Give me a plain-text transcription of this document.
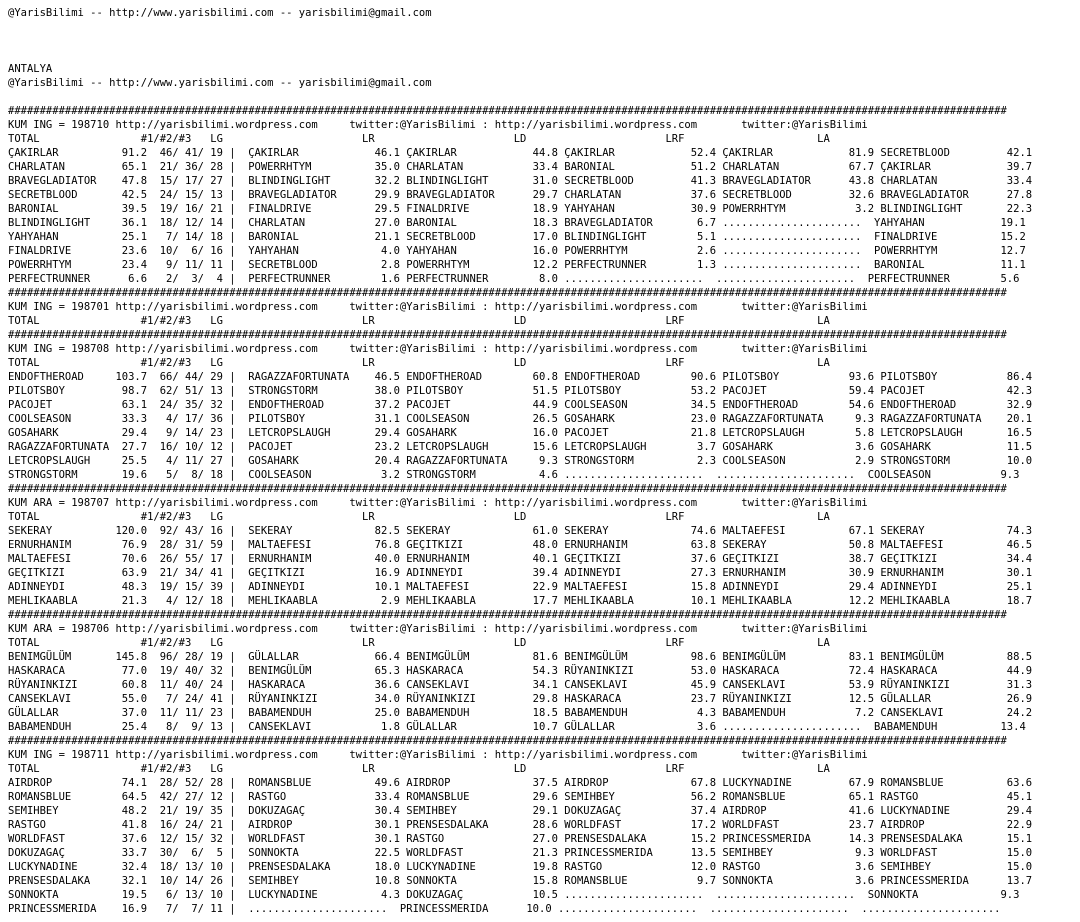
@YarisBilimi -- http://www.yarisbilimi.com -- yarisbilimi@gmail.com
ANTALYA
@YarisBilimi -- http://www.yarisbilimi.com -- yarisbilimi@gmail.com
##############################################################################################################################################################
KUM ING = 198710 http://yarisbilimi.wordpress.com     twitter:@YarisBilimi : http://yarisbilimi.wordpress.com       twitter:@YarisBilimi
TOTAL                #1/#2/#3   LG                      LR                      LD                      LRF                     LA
ÇAKIRLAR          91.2  46/ 41/ 19 |  ÇAKIRLAR            46.1 ÇAKIRLAR            44.8 ÇAKIRLAR            52.4 ÇAKIRLAR            81.9 SECRETBLOOD         42.1
CHARLATAN         65.1  21/ 36/ 28 |  POWERRHTYM          35.0 CHARLATAN           33.4 BARONIAL            51.2 CHARLATAN           67.7 ÇAKIRLAR            39.7
BRAVEGLADIATOR    47.8  15/ 17/ 27 |  BLINDINGLIGHT       32.2 BLINDINGLIGHT       31.0 SECRETBLOOD         41.3 BRAVEGLADIATOR      43.8 CHARLATAN           33.4
SECRETBLOOD       42.5  24/ 15/ 13 |  BRAVEGLADIATOR      29.9 BRAVEGLADIATOR      29.7 CHARLATAN           37.6 SECRETBLOOD         32.6 BRAVEGLADIATOR      27.8
BARONIAL          39.5  19/ 16/ 21 |  FINALDRIVE          29.5 FINALDRIVE          18.9 YAHYAHAN            30.9 POWERRHTYM           3.2 BLINDINGLIGHT       22.3
BLINDINGLIGHT     36.1  18/ 12/ 14 |  CHARLATAN           27.0 BARONIAL            18.3 BRAVEGLADIATOR       6.7 ......................  YAHYAHAN            19.1
YAHYAHAN          25.1   7/ 14/ 18 |  BARONIAL            21.1 SECRETBLOOD         17.0 BLINDINGLIGHT        5.1 ......................  FINALDRIVE          15.2
FINALDRIVE        23.6  10/  6/ 16 |  YAHYAHAN             4.0 YAHYAHAN            16.0 POWERRHTYM           2.6 ......................  POWERRHTYM          12.7
POWERRHTYM        23.4   9/ 11/ 11 |  SECRETBLOOD          2.8 POWERRHTYM          12.2 PERFECTRUNNER        1.3 ......................  BARONIAL            11.1
PERFECTRUNNER      6.6   2/  3/  4 |  PERFECTRUNNER        1.6 PERFECTRUNNER        8.0 ......................  ......................  PERFECTRUNNER        5.6
##############################################################################################################################################################
KUM ING = 198701 http://yarisbilimi.wordpress.com     twitter:@YarisBilimi : http://yarisbilimi.wordpress.com       twitter:@YarisBilimi
TOTAL                #1/#2/#3   LG                      LR                      LD                      LRF                     LA
##############################################################################################################################################################
KUM ING = 198708 http://yarisbilimi.wordpress.com     twitter:@YarisBilimi : http://yarisbilimi.wordpress.com       twitter:@YarisBilimi
TOTAL                #1/#2/#3   LG                      LR                      LD                      LRF                     LA
ENDOFTHEROAD     103.7  66/ 44/ 29 |  RAGAZZAFORTUNATA    46.5 ENDOFTHEROAD        60.8 ENDOFTHEROAD        90.6 PILOTSBOY           93.6 PILOTSBOY           86.4
PILOTSBOY         98.7  62/ 51/ 13 |  STRONGSTORM         38.0 PILOTSBOY           51.5 PILOTSBOY           53.2 PACOJET             59.4 PACOJET             42.3
PACOJET           63.1  24/ 35/ 32 |  ENDOFTHEROAD        37.2 PACOJET             44.9 COOLSEASON          34.5 ENDOFTHEROAD        54.6 ENDOFTHEROAD        32.9
COOLSEASON        33.3   4/ 17/ 36 |  PILOTSBOY           31.1 COOLSEASON          26.5 GOSAHARK            23.0 RAGAZZAFORTUNATA     9.3 RAGAZZAFORTUNATA    20.1
GOSAHARK          29.4   9/ 14/ 23 |  LETCROPSLAUGH       29.4 GOSAHARK            16.0 PACOJET             21.8 LETCROPSLAUGH        5.8 LETCROPSLAUGH       16.5
RAGAZZAFORTUNATA  27.7  16/ 10/ 12 |  PACOJET             23.2 LETCROPSLAUGH       15.6 LETCROPSLAUGH        3.7 GOSAHARK             3.6 GOSAHARK            11.5
LETCROPSLAUGH     25.5   4/ 11/ 27 |  GOSAHARK            20.4 RAGAZZAFORTUNATA     9.3 STRONGSTORM          2.3 COOLSEASON           2.9 STRONGSTORM         10.0
STRONGSTORM       19.6   5/  8/ 18 |  COOLSEASON           3.2 STRONGSTORM          4.6 ......................  ......................  COOLSEASON           9.3
##############################################################################################################################################################
KUM ARA = 198707 http://yarisbilimi.wordpress.com     twitter:@YarisBilimi : http://yarisbilimi.wordpress.com       twitter:@YarisBilimi
TOTAL                #1/#2/#3   LG                      LR                      LD                      LRF                     LA
SEKERAY          120.0  92/ 43/ 16 |  SEKERAY             82.5 SEKERAY             61.0 SEKERAY             74.6 MALTAEFESI          67.1 SEKERAY             74.3
ERNURHANIM        76.9  28/ 31/ 59 |  MALTAEFESI          76.8 GEÇITKIZI           48.0 ERNURHANIM          63.8 SEKERAY             50.8 MALTAEFESI          46.5
MALTAEFESI        70.6  26/ 55/ 17 |  ERNURHANIM          40.0 ERNURHANIM          40.1 GEÇITKIZI           37.6 GEÇITKIZI           38.7 GEÇITKIZI           34.4
GEÇITKIZI         63.9  21/ 34/ 41 |  GEÇITKIZI           16.9 ADINNEYDI           39.4 ADINNEYDI           27.3 ERNURHANIM          30.9 ERNURHANIM          30.1
ADINNEYDI         48.3  19/ 15/ 39 |  ADINNEYDI           10.1 MALTAEFESI          22.9 MALTAEFESI          15.8 ADINNEYDI           29.4 ADINNEYDI           25.1
MEHLIKAABLA       21.3   4/ 12/ 18 |  MEHLIKAABLA          2.9 MEHLIKAABLA         17.7 MEHLIKAABLA         10.1 MEHLIKAABLA         12.2 MEHLIKAABLA         18.7
##############################################################################################################################################################
KUM ARA = 198706 http://yarisbilimi.wordpress.com     twitter:@YarisBilimi : http://yarisbilimi.wordpress.com       twitter:@YarisBilimi
TOTAL                #1/#2/#3   LG                      LR                      LD                      LRF                     LA
BENIMGÜLÜM       145.8  96/ 28/ 19 |  GÜLALLAR            66.4 BENIMGÜLÜM          81.6 BENIMGÜLÜM          98.6 BENIMGÜLÜM          83.1 BENIMGÜLÜM          88.5
HASKARACA         77.0  19/ 40/ 32 |  BENIMGÜLÜM          65.3 HASKARACA           54.3 RÜYANINKIZI         53.0 HASKARACA           72.4 HASKARACA           44.9
RÜYANINKIZI       60.8  11/ 40/ 24 |  HASKARACA           36.6 CANSEKLAVI          34.1 CANSEKLAVI          45.9 CANSEKLAVI          53.9 RÜYANINKIZI         31.3
CANSEKLAVI        55.0   7/ 24/ 41 |  RÜYANINKIZI         34.0 RÜYANINKIZI         29.8 HASKARACA           23.7 RÜYANINKIZI         12.5 GÜLALLAR            26.9
GÜLALLAR          37.0  11/ 11/ 23 |  BABAMENDUH          25.0 BABAMENDUH          18.5 BABAMENDUH           4.3 BABAMENDUH           7.2 CANSEKLAVI          24.2
BABAMENDUH        25.4   8/  9/ 13 |  CANSEKLAVI           1.8 GÜLALLAR            10.7 GÜLALLAR             3.6 ......................  BABAMENDUH          13.4
##############################################################################################################################################################
KUM ING = 198711 http://yarisbilimi.wordpress.com     twitter:@YarisBilimi : http://yarisbilimi.wordpress.com       twitter:@YarisBilimi
TOTAL                #1/#2/#3   LG                      LR                      LD                      LRF                     LA
AIRDROP           74.1  28/ 52/ 28 |  ROMANSBLUE          49.6 AIRDROP             37.5 AIRDROP             67.8 LUCKYNADINE         67.9 ROMANSBLUE          63.6
ROMANSBLUE        64.5  42/ 27/ 12 |  RASTGO              33.4 ROMANSBLUE          29.6 SEMIHBEY            56.2 ROMANSBLUE          65.1 RASTGO              45.1
SEMIHBEY          48.2  21/ 19/ 35 |  DOKUZAGAÇ           30.4 SEMIHBEY            29.1 DOKUZAGAÇ           37.4 AIRDROP             41.6 LUCKYNADINE         29.4
RASTGO            41.8  16/ 24/ 21 |  AIRDROP             30.1 PRENSESDALAKA       28.6 WORLDFAST           17.2 WORLDFAST           23.7 AIRDROP             22.9
WORLDFAST         37.6  12/ 15/ 32 |  WORLDFAST           30.1 RASTGO              27.0 PRENSESDALAKA       15.2 PRINCESSMERIDA      14.3 PRENSESDALAKA       15.1
DOKUZAGAÇ         33.7  30/  6/  5 |  SONNOKTA            22.5 WORLDFAST           21.3 PRINCESSMERIDA      13.5 SEMIHBEY             9.3 WORLDFAST           15.0
LUCKYNADINE       32.4  18/ 13/ 10 |  PRENSESDALAKA       18.0 LUCKYNADINE         19.8 RASTGO              12.0 RASTGO               3.6 SEMIHBEY            15.0
PRENSESDALAKA     32.1  10/ 14/ 26 |  SEMIHBEY            10.8 SONNOKTA            15.8 ROMANSBLUE           9.7 SONNOKTA             3.6 PRINCESSMERIDA      13.7
SONNOKTA          19.5   6/ 13/ 10 |  LUCKYNADINE          4.3 DOKUZAGAÇ           10.5 ......................  ......................  SONNOKTA             9.3
PRINCESSMERIDA    16.9   7/  7/ 11 |  ......................  PRINCESSMERIDA      10.0 ......................  ......................  ......................
